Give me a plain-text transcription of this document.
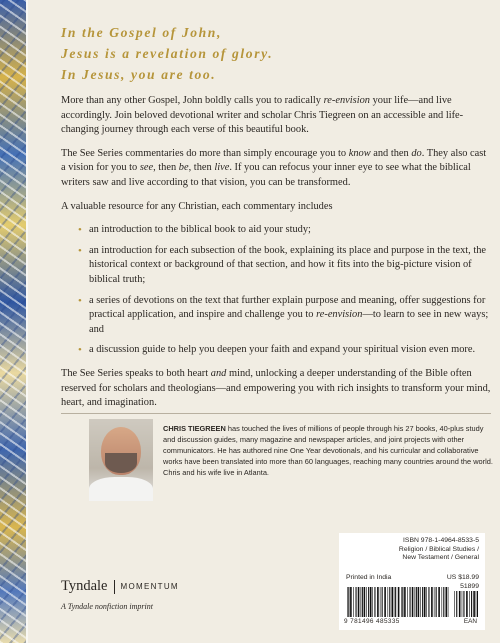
In the Gospel of John,
Jesus is a revelation of glory.
In Jesus, you are too.

More than any other Gospel, John boldly calls you to radically re-envision your life—and live accordingly. Join beloved devotional writer and scholar Chris Tiegreen on an accessible and life-changing journey through each verse of this beautiful book.

The See Series commentaries do more than simply encourage you to know and then do. They also cast a vision for you to see, then be, then live. If you can refocus your inner eye to see what the biblical writers saw and live according to that vision, you can be transformed.

A valuable resource for any Christian, each commentary includes

• an introduction to the biblical book to aid your study;
• an introduction for each subsection of the book, explaining its place and purpose in the text, the historical context or background of that section, and how it fits into the big-picture vision of biblical truth;
• a series of devotions on the text that further explain purpose and meaning, offer suggestions for practical application, and inspire and challenge you to re-envision—to learn to see in new ways; and
• a discussion guide to help you deepen your faith and expand your spiritual vision even more.

The See Series speaks to both heart and mind, unlocking a deeper understanding of the Bible often reserved for scholars and theologians—and empowering you with rich insights to transform your mind, heart, and imagination.

CHRIS TIEGREEN has touched the lives of millions of people through his 27 books, 40-plus study and discussion guides, many magazine and newspaper articles, and joint projects with other communicators. He has authored nine One Year devotionals, and his curricular and collaborative works have been translated into more than 60 languages, reaching many countries around the world. Chris and his wife live in Atlanta.
Tyndale MOMENTUM
A Tyndale nonfiction imprint
ISBN 978-1-4964-8533-5
Religion / Biblical Studies /
New Testament / General
Printed in India	US $18.99
51899
9 781496 485335	EAN
